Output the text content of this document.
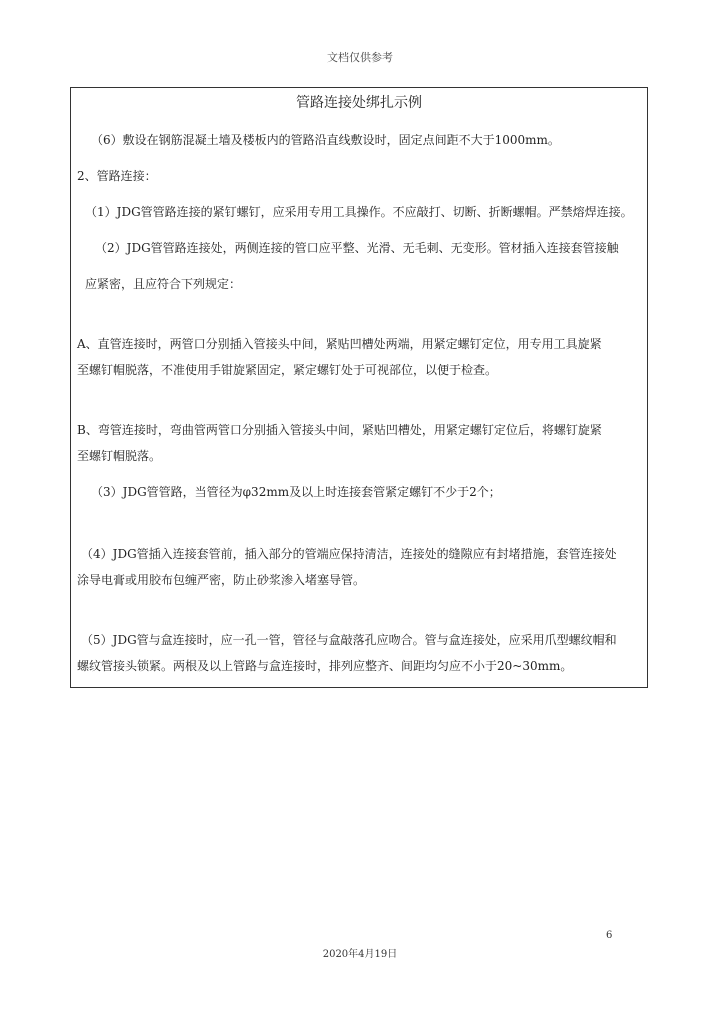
文档仅供参考
管路连接处绑扎示例
（6）敷设在钢筋混凝土墙及楼板内的管路沿直线敷设时，固定点间距不大于1000mm。
2、管路连接：
（1）JDG管管路连接的紧钉螺钉，应采用专用工具操作。不应敲打、切断、折断螺帽。严禁熔焊连接。
（2）JDG管管路连接处，两侧连接的管口应平整、光滑、无毛刺、无变形。管材插入连接套管接触
应紧密，且应符合下列规定：
A、直管连接时，两管口分别插入管接头中间，紧贴凹槽处两端，用紧定螺钉定位，用专用工具旋紧
至螺钉帽脱落，不准使用手钳旋紧固定，紧定螺钉处于可视部位，以便于检查。
B、弯管连接时，弯曲管两管口分别插入管接头中间，紧贴凹槽处，用紧定螺钉定位后，将螺钉旋紧
至螺钉帽脱落。
（3）JDG管管路，当管径为φ32mm及以上时连接套管紧定螺钉不少于2个；
（4）JDG管插入连接套管前，插入部分的管端应保持清洁，连接处的缝隙应有封堵措施，套管连接处
涂导电膏或用胶布包缠严密，防止砂浆渗入堵塞导管。
（5）JDG管与盒连接时，应一孔一管，管径与盒敲落孔应吻合。管与盒连接处，应采用爪型螺纹帽和
螺纹管接头锁紧。两根及以上管路与盒连接时，排列应整齐、间距均匀应不小于20~30mm。
6
2020年4月19日
